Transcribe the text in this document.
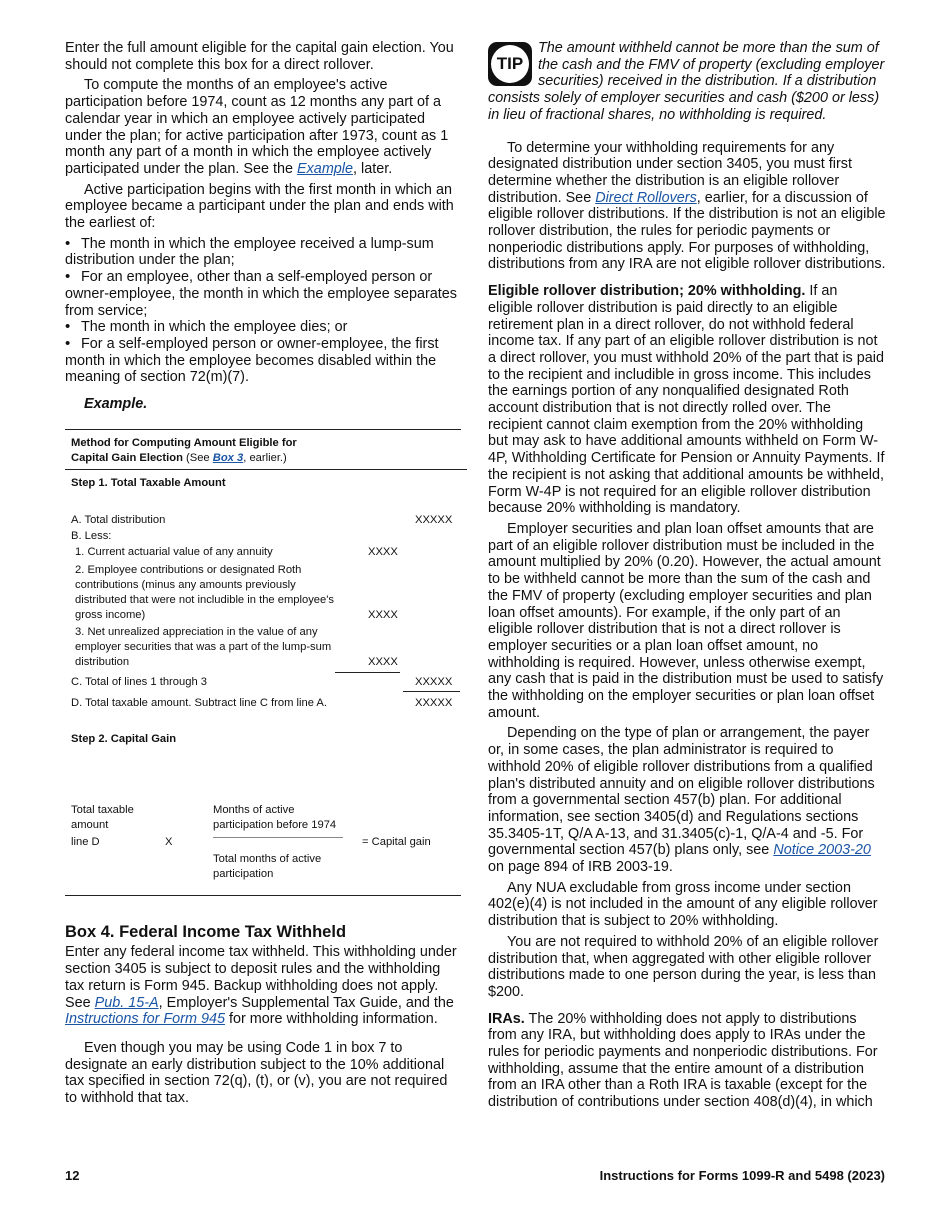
Enter the full amount eligible for the capital gain election. You should not complete this box for a direct rollover.

To compute the months of an employee's active participation before 1974, count as 12 months any part of a calendar year in which an employee actively participated under the plan; for active participation after 1973, count as 1 month any part of a month in which the employee actively participated under the plan. See the Example, later.

Active participation begins with the first month in which an employee became a participant under the plan and ends with the earliest of:

• The month in which the employee received a lump-sum distribution under the plan;
• For an employee, other than a self-employed person or owner-employee, the month in which the employee separates from service;
• The month in which the employee dies; or
• For a self-employed person or owner-employee, the first month in which the employee becomes disabled within the meaning of section 72(m)(7).
Example.
Method for Computing Amount Eligible for Capital Gain Election (See Box 3, earlier.)
Step 1. Total Taxable Amount
A. Total distribution	XXXXX
B. Less:
1. Current actuarial value of any annuity	XXXX
2. Employee contributions or designated Roth contributions (minus any amounts previously distributed that were not includible in the employee's gross income)	XXXX
3. Net unrealized appreciation in the value of any employer securities that was a part of the lump-sum distribution	XXXX
C. Total of lines 1 through 3	XXXXX
D. Total taxable amount. Subtract line C from line A.	XXXXX
Step 2. Capital Gain
Total taxable
amount
line D	X
Months of active participation before 1974
Total months of active participation
= Capital gain
Box 4. Federal Income Tax Withheld

Enter any federal income tax withheld. This withholding under section 3405 is subject to deposit rules and the withholding tax return is Form 945. Backup withholding does not apply. See Pub. 15-A, Employer's Supplemental Tax Guide, and the Instructions for Form 945 for more withholding information.

Even though you may be using Code 1 in box 7 to designate an early distribution subject to the 10% additional tax specified in section 72(q), (t), or (v), you are not required to withhold that tax.

TIP
The amount withheld cannot be more than the sum of the cash and the FMV of property (excluding employer securities) received in the distribution. If a distribution consists solely of employer securities and cash ($200 or less) in lieu of fractional shares, no withholding is required.

To determine your withholding requirements for any designated distribution under section 3405, you must first determine whether the distribution is an eligible rollover distribution. See Direct Rollovers, earlier, for a discussion of eligible rollover distributions. If the distribution is not an eligible rollover distribution, the rules for periodic payments or nonperiodic distributions apply. For purposes of withholding, distributions from any IRA are not eligible rollover distributions.

Eligible rollover distribution; 20% withholding. If an eligible rollover distribution is paid directly to an eligible retirement plan in a direct rollover, do not withhold federal income tax. If any part of an eligible rollover distribution is not a direct rollover, you must withhold 20% of the part that is paid to the recipient and includible in gross income. This includes the earnings portion of any nonqualified designated Roth account distribution that is not directly rolled over. The recipient cannot claim exemption from the 20% withholding but may ask to have additional amounts withheld on Form W-4P, Withholding Certificate for Pension or Annuity Payments. If the recipient is not asking that additional amounts be withheld, Form W-4P is not required for an eligible rollover distribution because 20% withholding is mandatory.

Employer securities and plan loan offset amounts that are part of an eligible rollover distribution must be included in the amount multiplied by 20% (0.20). However, the actual amount to be withheld cannot be more than the sum of the cash and the FMV of property (excluding employer securities and plan loan offset amounts). For example, if the only part of an eligible rollover distribution that is not a direct rollover is employer securities or a plan loan offset amount, no withholding is required. However, unless otherwise exempt, any cash that is paid in the distribution must be used to satisfy the withholding on the employer securities or plan loan offset amount.

Depending on the type of plan or arrangement, the payer or, in some cases, the plan administrator is required to withhold 20% of eligible rollover distributions from a qualified plan's distributed annuity and on eligible rollover distributions from a governmental section 457(b) plan. For additional information, see section 3405(d) and Regulations sections 35.3405-1T, Q/A A-13, and 31.3405(c)-1, Q/A-4 and -5. For governmental section 457(b) plans only, see Notice 2003-20 on page 894 of IRB 2003-19.

Any NUA excludable from gross income under section 402(e)(4) is not included in the amount of any eligible rollover distribution that is subject to 20% withholding.

You are not required to withhold 20% of an eligible rollover distribution that, when aggregated with other eligible rollover distributions made to one person during the year, is less than $200.

IRAs. The 20% withholding does not apply to distributions from any IRA, but withholding does apply to IRAs under the rules for periodic payments and nonperiodic distributions. For withholding, assume that the entire amount of a distribution from an IRA other than a Roth IRA is taxable (except for the distribution of contributions under section 408(d)(4), in which

12	Instructions for Forms 1099-R and 5498 (2023)
